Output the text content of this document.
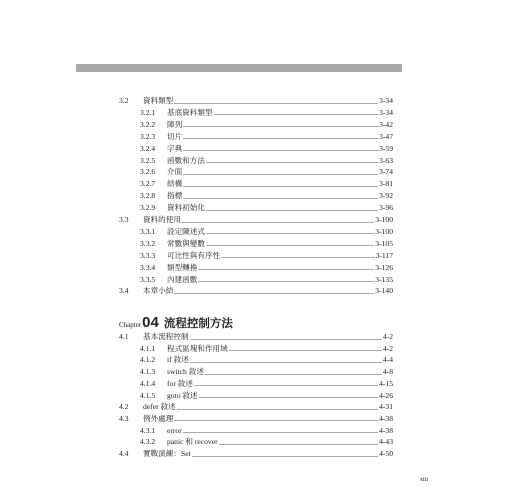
3.2	資料類型	3-34
3.2.1	基底資料類型	3-34
3.2.2	陣列	3-42
3.2.3	切片	3-47
3.2.4	字典	3-59
3.2.5	函數和方法	3-63
3.2.6	介面	3-74
3.2.7	結構	3-81
3.2.8	指標	3-92
3.2.9	資料初始化	3-96
3.3	資料的使用	3-100
3.3.1	設定陳述式	3-100
3.3.2	常數與變數	3-105
3.3.3	可比性與有序性	3-117
3.3.4	類型轉換	3-126
3.3.5	內建函數	3-135
3.4	本章小結	3-140
Chapter 04 流程控制方法
4.1	基本流程控制	4-2
4.1.1	程式區塊和作用域	4-2
4.1.2	if 敘述	4-4
4.1.3	switch 敘述	4-8
4.1.4	for 敘述	4-15
4.1.5	goto 敘述	4-26
4.2	defer 敘述	4-31
4.3	例外處理	4-38
4.3.1	error	4-38
4.3.2	panic 和 recover	4-43
4.4	實戰演練：Set	4-50
xiii
